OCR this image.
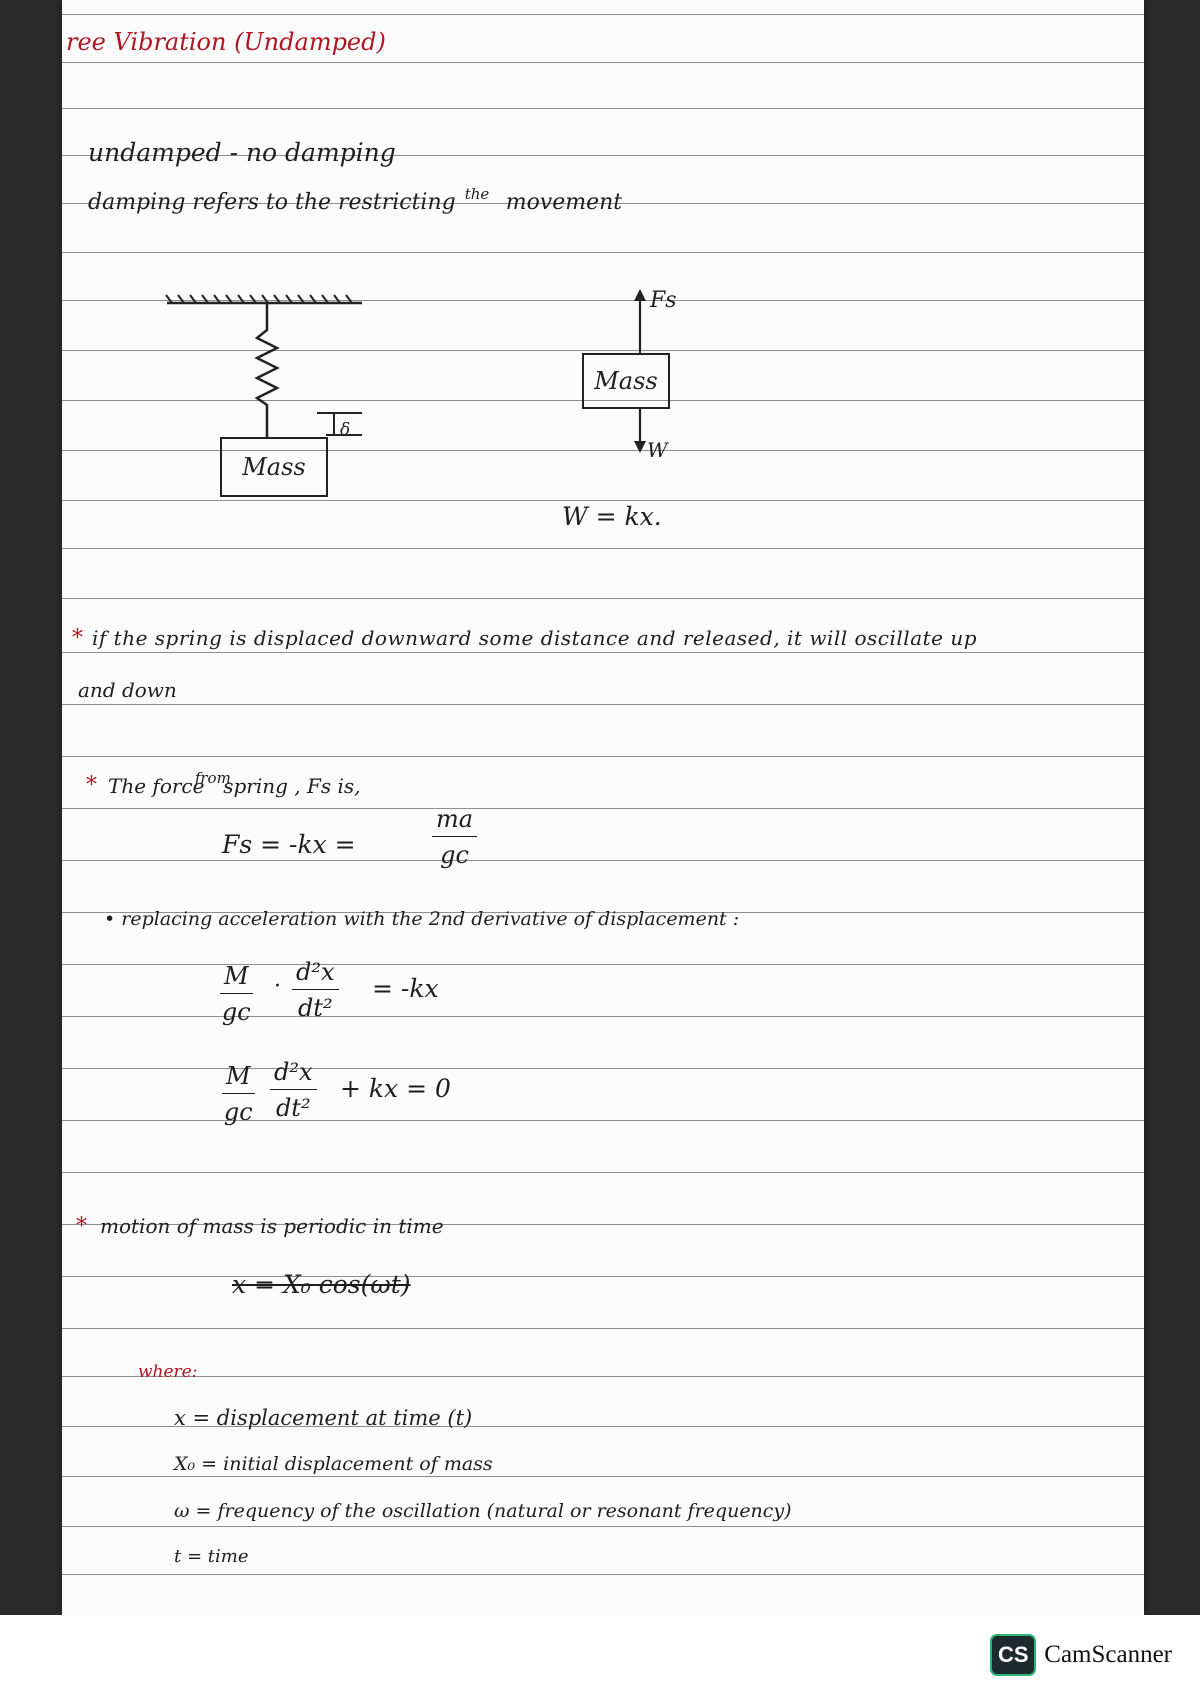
ree Vibration (Undamped)
undamped - no damping
damping refers to the restricting the movement
δ
Mass
Fs
Mass
W
W = kx.
* if the spring is displaced downward some distance and released, it will oscillate up
and down
* The force
from
spring , Fs is,
Fs = -kx =	$\frac{ma}{gc}$
• replacing acceleration with the 2nd derivative of displacement :
$\frac{M}{gc} \cdot \frac{\text{d²x}}{\text{dt²}} = -kx$
$\frac{M}{gc} \frac{\text{d²x}}{\text{dt²}}$ + kx = 0
* motion of mass is periodic in time
x = X₀ cos(ωt)
where:
x = displacement at time (t)
X₀ = initial displacement of mass
ω = frequency of the oscillation (natural or resonant frequency)
t = time
CS CamScanner
